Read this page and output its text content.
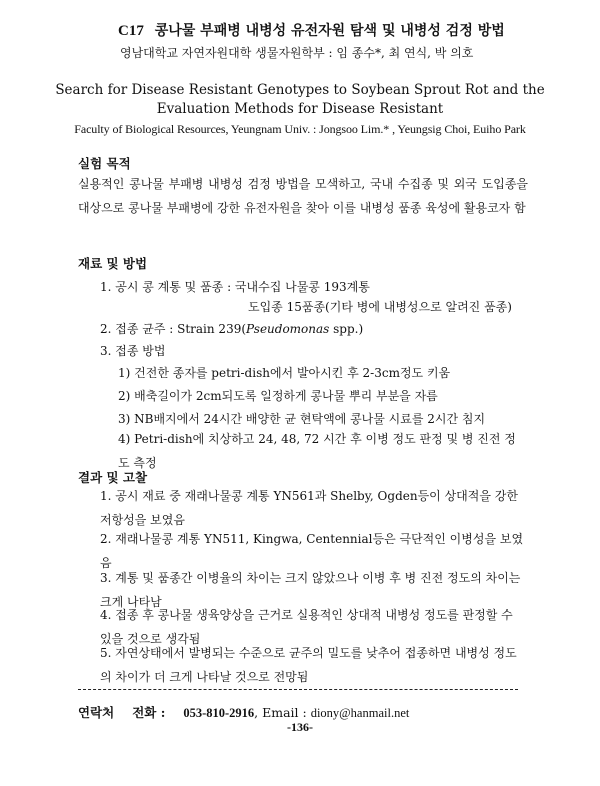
C17 콩나물 부패병 내병성 유전자원 탐색 및 내병성 검정 방법
영남대학교 자연자원대학 생물자원학부 : 임 종수*, 최 연식, 박 의호
Search for Disease Resistant Genotypes to Soybean Sprout Rot and the
Evaluation Methods for Disease Resistant
Faculty of Biological Resources, Yeungnam Univ. : Jongsoo Lim.* , Yeungsig Choi, Euiho Park
실험 목적
실용적인 콩나물 부패병 내병성 검정 방법을 모색하고, 국내 수집종 및 외국 도입종을 대상으로 콩나물 부패병에 강한 유전자원을 찾아 이를 내병성 품종 육성에 활용코자 함
재료 및 방법
1. 공시 콩 계통 및 품종 : 국내수집 나물콩 193계통
도입종 15품종(기타 병에 내병성으로 알려진 품종)
2. 접종 균주 : Strain 239(Pseudomonas spp.)
3. 접종 방법
1) 건전한 종자를 petri-dish에서 발아시킨 후 2-3cm정도 키움
2) 배축길이가 2cm되도록 일정하게 콩나물 뿌리 부분을 자름
3) NB배지에서 24시간 배양한 균 현탁액에 콩나물 시료를 2시간 침지
4) Petri-dish에 치상하고 24, 48, 72 시간 후 이병 정도 판정 및 병 진전 정도 측정
결과 및 고찰
1. 공시 재료 중 재래나물콩 계통 YN561과 Shelby, Ogden등이 상대적을 강한 저항성을 보였음
2. 재래나물콩 계통 YN511, Kingwa, Centennial등은 극단적인 이병성을 보였음
3. 계통 및 품종간 이병율의 차이는 크지 않았으나 이병 후 병 진전 정도의 차이는 크게 나타남
4. 접종 후 콩나물 생육양상을 근거로 실용적인 상대적 내병성 정도를 판정할 수 있을 것으로 생각됨
5. 자연상태에서 발병되는 수준으로 균주의 밀도를 낮추어 접종하면 내병성 정도의 차이가 더 크게 나타날 것으로 전망됨
연락처 전화 : 053-810-2916, Email : diony@hanmail.net
-136-
